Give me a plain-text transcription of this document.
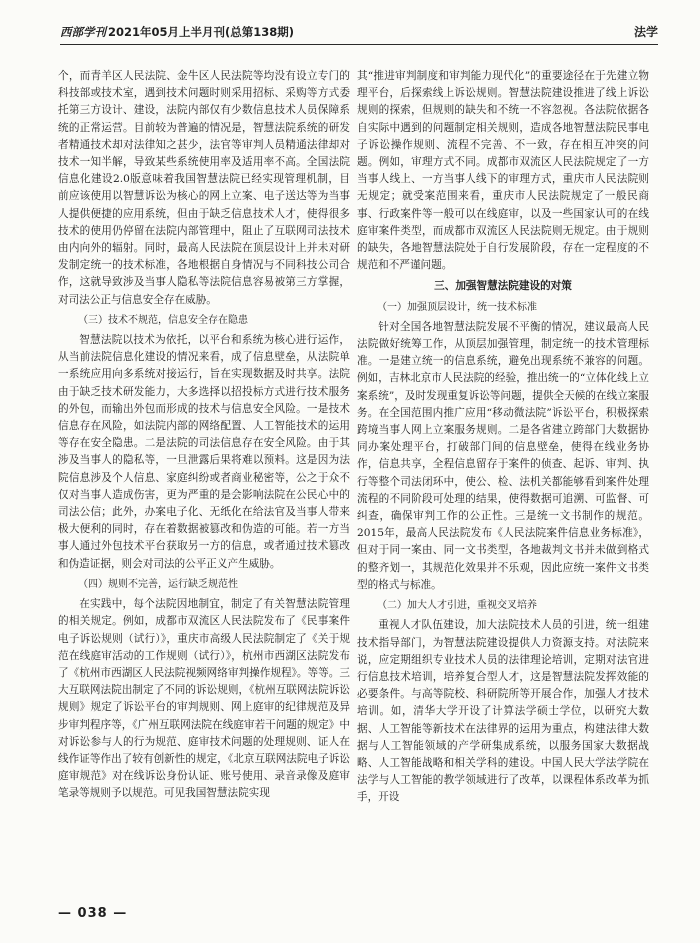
西部学刊 2021年05月上半月刊(总第138期)	法学

个，而青羊区人民法院、金牛区人民法院等均没有设立专门的科技部或技术室，遇到技术问题时则采用招标、采购等方式委托第三方设计、建设，法院内部仅有少数信息技术人员保障系统的正常运营。目前较为普遍的情况是，智慧法院系统的研发者精通技术却对法律知之甚少，法官等审判人员精通法律却对技术一知半解，导致某些系统使用率及适用率不高。全国法院信息化建设2.0版意味着我国智慧法院已经实现管理机制，目前应该使用以智慧诉讼为核心的网上立案、电子送达等为当事人提供便捷的应用系统，但由于缺乏信息技术人才，使得很多技术的使用仍停留在法院内部管理中，阻止了互联网司法技术由内向外的辐射。同时，最高人民法院在顶层设计上并未对研发制定统一的技术标准，各地根据自身情况与不同科技公司合作，这就导致涉及当事人隐私等法院信息容易被第三方掌握，对司法公正与信息安全存在威胁。

（三）技术不规范，信息安全存在隐患

智慧法院以技术为依托，以平台和系统为核心进行运作，从当前法院信息化建设的情况来看，成了信息壁垒，从法院单一系统应用向多系统对接运行，旨在实现数据及时共享。法院由于缺乏技术研发能力，大多选择以招投标方式进行技术服务的外包，而输出外包而形成的技术与信息安全风险。一是技术信息存在风险，如法院内部的网络配置、人工智能技术的运用等存在安全隐患。二是法院的司法信息存在安全风险。由于其涉及当事人的隐私等，一旦泄露后果将难以预料。这是因为法院信息涉及个人信息、家庭纠纷或者商业秘密等，公之于众不仅对当事人造成伤害，更为严重的是会影响法院在公民心中的司法公信；此外，办案电子化、无纸化在给法官及当事人带来极大便利的同时，存在着数据被篡改和伪造的可能。若一方当事人通过外包技术平台获取另一方的信息，或者通过技术篡改和伪造证据，则会对司法的公平正义产生威胁。

（四）规则不完善，运行缺乏规范性

在实践中，每个法院因地制宜，制定了有关智慧法院管理的相关规定。例如，成都市双流区人民法院发布了《民事案件电子诉讼规则（试行）》，重庆市高级人民法院制定了《关于规范在线庭审活动的工作规则（试行）》，杭州市西湖区法院发布了《杭州市西湖区人民法院视频网络审判操作规程》。等等。三大互联网法院出制定了不同的诉讼规则，《杭州互联网法院诉讼规则》规定了诉讼平台的审判规则、网上庭审的纪律规范及异步审判程序等，《广州互联网法院在线庭审若干问题的规定》中对诉讼参与人的行为规范、庭审技术问题的处理规则、证人在线作证等作出了较有创新性的规定，《北京互联网法院电子诉讼庭审规范》对在线诉讼身份认证、账号使用、录音录像及庭审笔录等规则予以规范。可见我国智慧法院实现

其“推进审判制度和审判能力现代化”的重要途径在于先建立物理平台，后探索线上诉讼规则。智慧法院建设推进了线上诉讼规则的探索，但规则的缺失和不统一不容忽视。各法院依据各自实际中遇到的问题制定相关规则，造成各地智慧法院民事电子诉讼操作规则、流程不完善、不一致，存在相互冲突的问题。例如，审理方式不同。成都市双流区人民法院规定了一方当事人线上、一方当事人线下的审理方式，重庆市人民法院则无规定；就受案范围来看，重庆市人民法院规定了一般民商事、行政案件等一般可以在线庭审，以及一些国家认可的在线庭审案件类型，而成都市双流区人民法院则无规定。由于规则的缺失，各地智慧法院处于自行发展阶段，存在一定程度的不规范和不严谨问题。

三、加强智慧法院建设的对策
（一）加强顶层设计，统一技术标准

针对全国各地智慧法院发展不平衡的情况，建议最高人民法院做好统筹工作，从顶层加强管理，制定统一的技术管理标准。一是建立统一的信息系统，避免出现系统不兼容的问题。例如，吉林北京市人民法院的经验，推出统一的“立体化线上立案系统”，及时发现重复诉讼等问题，提供全天候的在线立案服务。在全国范围内推广应用“移动微法院”诉讼平台，积极探索跨境当事人网上立案服务规则。二是各省建立跨部门大数据协同办案处理平台，打破部门间的信息壁垒，使得在线业务协作，信息共享，全程信息留存于案件的侦查、起诉、审判、执行等整个司法闭环中，使公、检、法机关都能够看到案件处理流程的不同阶段可处理的结果，使得数据可追溯、可监督、可纠查，确保审判工作的公正性。三是统一文书制作的规范。2015年，最高人民法院发布《人民法院案件信息业务标准》，但对于同一案由、同一文书类型，各地裁判文书并未做到格式的整齐划一，其规范化效果并不乐观，因此应统一案件文书类型的格式与标准。

（二）加大人才引进，重视交叉培养

重视人才队伍建设，加大法院技术人员的引进，统一组建技术指导部门，为智慧法院建设提供人力资源支持。对法院来说，应定期组织专业技术人员的法律理论培训，定期对法官进行信息技术培训，培养复合型人才，这是智慧法院发挥效能的必要条件。与高等院校、科研院所等开展合作，加强人才技术培训。如，清华大学开设了计算法学硕士学位，以研究大数据、人工智能等新技术在法律界的运用为重点，构建法律大数据与人工智能领域的产学研集成系统，以服务国家大数据战略、人工智能战略和相关学科的建设。中国人民大学法学院在法学与人工智能的教学领域进行了改革，以课程体系改革为抓手，开设

— 038 —
